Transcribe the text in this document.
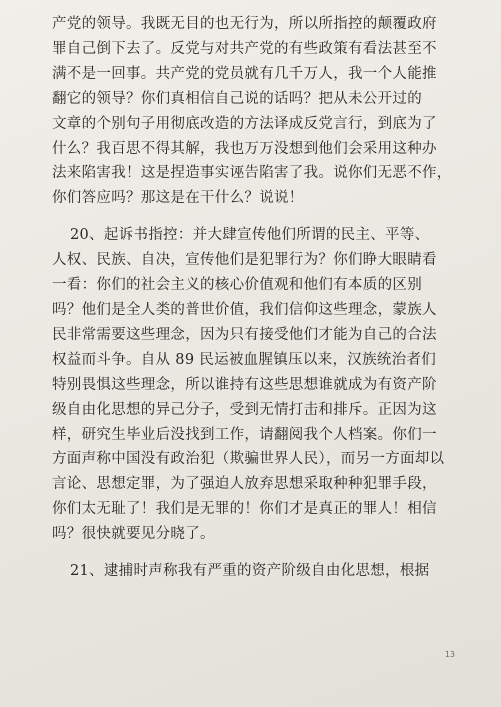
产党的领导。我既无目的也无行为，所以所指控的颠覆政府
罪自己倒下去了。反党与对共产党的有些政策有看法甚至不
满不是一回事。共产党的党员就有几千万人，我一个人能推
翻它的领导？你们真相信自己说的话吗？把从未公开过的
文章的个别句子用彻底改造的方法译成反党言行，到底为了
什么？我百思不得其解，我也万万没想到他们会采用这种办
法来陷害我！这是捏造事实诬告陷害了我。说你们无恶不作，
你们答应吗？那这是在干什么？说说！
20、起诉书指控：并大肆宣传他们所谓的民主、平等、
人权、民族、自决，宣传他们是犯罪行为？你们睁大眼睛看
一看：你们的社会主义的核心价值观和他们有本质的区别
吗？他们是全人类的普世价值，我们信仰这些理念，蒙族人
民非常需要这些理念，因为只有接受他们才能为自己的合法
权益而斗争。自从 89 民运被血腥镇压以来，汉族统治者们
特别畏惧这些理念，所以谁持有这些思想谁就成为有资产阶
级自由化思想的异己分子，受到无情打击和排斥。正因为这
样，研究生毕业后没找到工作，请翻阅我个人档案。你们一
方面声称中国没有政治犯（欺骗世界人民），而另一方面却以
言论、思想定罪，为了强迫人放弃思想采取种种犯罪手段，
你们太无耻了！我们是无罪的！你们才是真正的罪人！相信
吗？很快就要见分晓了。
21、逮捕时声称我有严重的资产阶级自由化思想，根据
13
